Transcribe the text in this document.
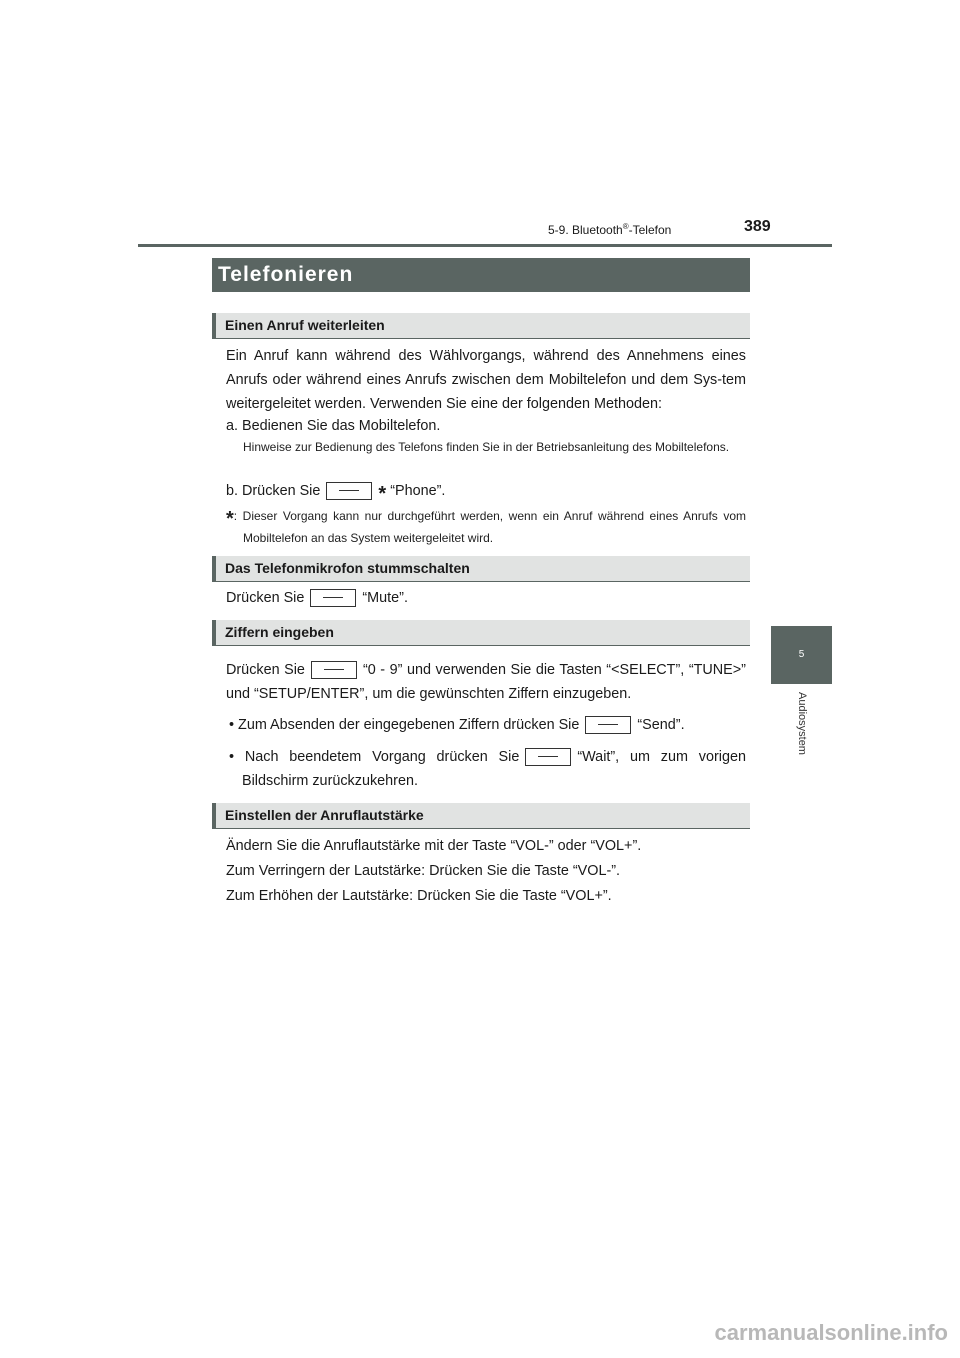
5-9. Bluetooth®-Telefon	389
5
Audiosystem
Telefonieren
Einen Anruf weiterleiten
Ein Anruf kann während des Wählvorgangs, während des Annehmens eines Anrufs oder während eines Anrufs zwischen dem Mobiltelefon und dem Sys-tem weitergeleitet werden. Verwenden Sie eine der folgenden Methoden:
a. Bedienen Sie das Mobiltelefon.
Hinweise zur Bedienung des Telefons finden Sie in der Betriebsanleitung des Mobiltelefons.
b. Drücken Sie	* “Phone”.
*: Dieser Vorgang kann nur durchgeführt werden, wenn ein Anruf während eines Anrufs vom Mobiltelefon an das System weitergeleitet wird.
Das Telefonmikrofon stummschalten
Drücken Sie	“Mute”.
Ziffern eingeben
Drücken Sie	“0 - 9” und verwenden Sie die Tasten “<SELECT”, “TUNE>” und “SETUP/ENTER”, um die gewünschten Ziffern einzugeben.
• Zum Absenden der eingegebenen Ziffern drücken Sie	“Send”.
• Nach beendetem Vorgang drücken Sie	“Wait”, um zum vorigen Bildschirm zurückzukehren.
Einstellen der Anruflautstärke
Ändern Sie die Anruflautstärke mit der Taste “VOL-” oder “VOL+”.
Zum Verringern der Lautstärke: Drücken Sie die Taste “VOL-”.
Zum Erhöhen der Lautstärke: Drücken Sie die Taste “VOL+”.
carmanualsonline.info
